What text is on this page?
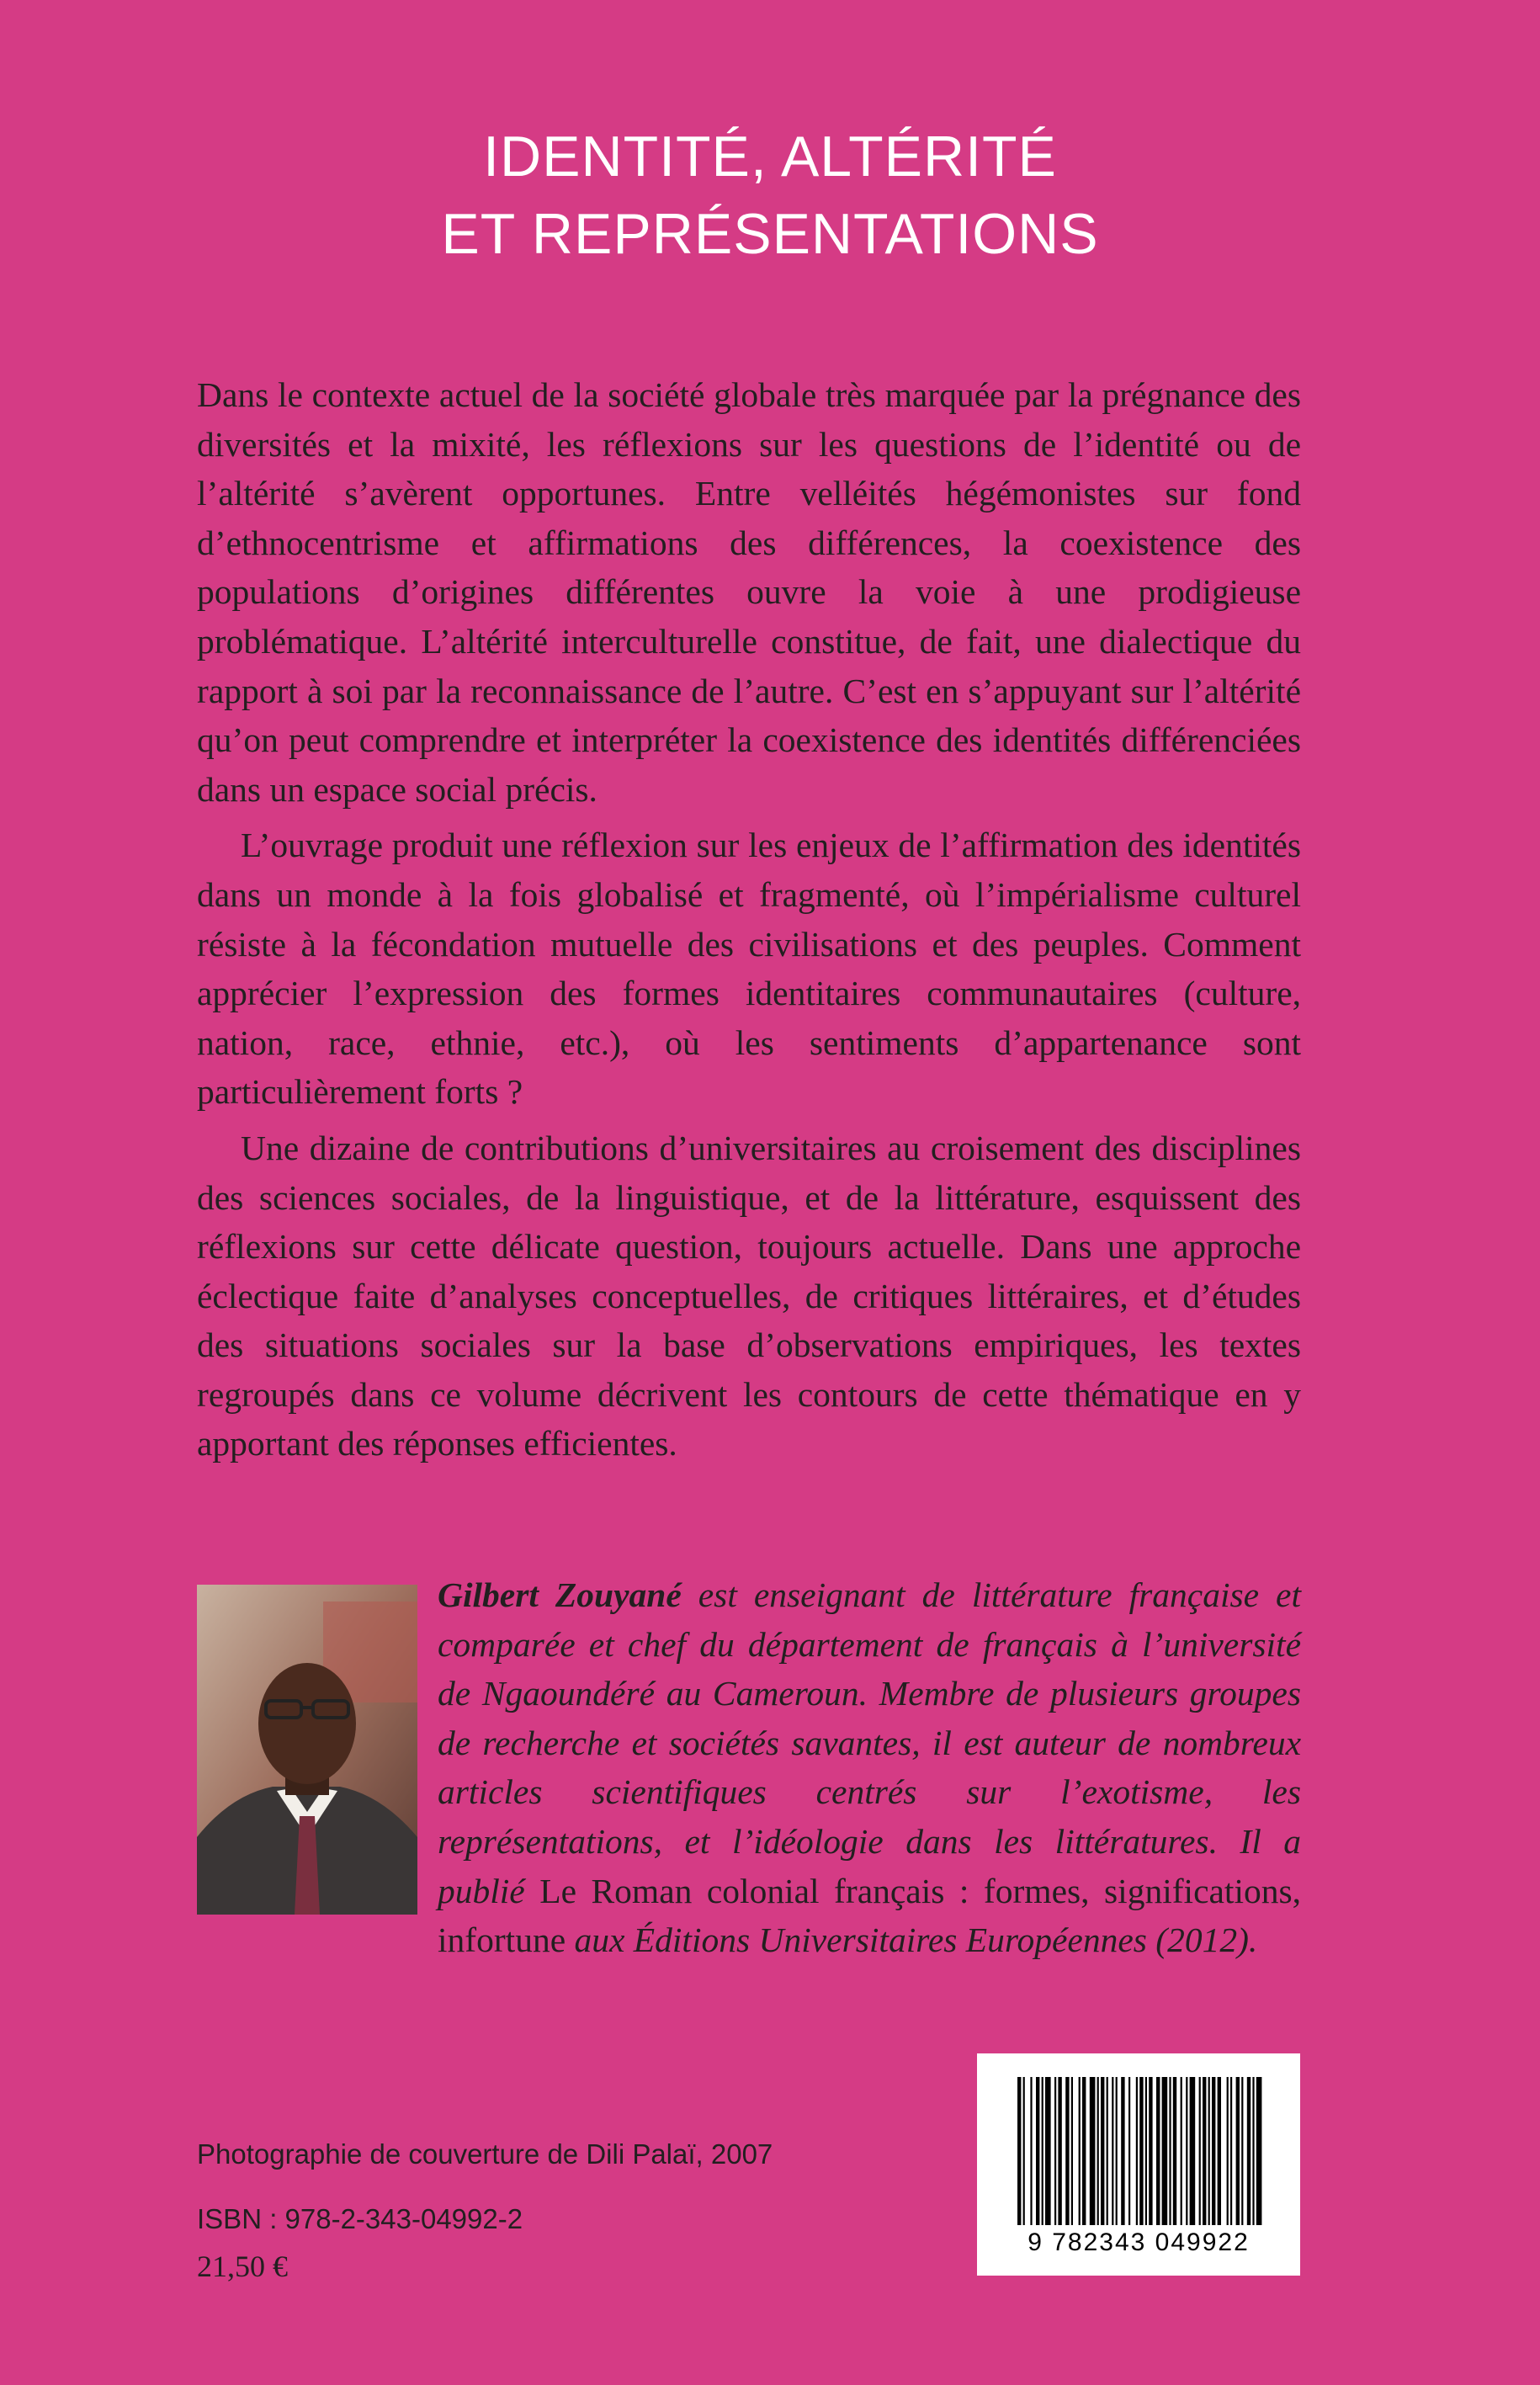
IDENTITÉ, ALTÉRITÉ
ET REPRÉSENTATIONS

Dans le contexte actuel de la société globale très marquée par la prégnance des diversités et la mixité, les réflexions sur les questions de l’identité ou de l’altérité s’avèrent opportunes. Entre velléités hégémonistes sur fond d’ethnocentrisme et affirmations des différences, la coexistence des populations d’origines différentes ouvre la voie à une prodigieuse problématique. L’altérité interculturelle constitue, de fait, une dialectique du rapport à soi par la reconnaissance de l’autre. C’est en s’appuyant sur l’altérité qu’on peut comprendre et interpréter la coexistence des identités différenciées dans un espace social précis.

L’ouvrage produit une réflexion sur les enjeux de l’affirmation des identités dans un monde à la fois globalisé et fragmenté, où l’impérialisme culturel résiste à la fécondation mutuelle des civilisations et des peuples. Comment apprécier l’expression des formes identitaires communautaires (culture, nation, race, ethnie, etc.), où les sentiments d’appartenance sont particulièrement forts ?

Une dizaine de contributions d’universitaires au croisement des disciplines des sciences sociales, de la linguistique, et de la littérature, esquissent des réflexions sur cette délicate question, toujours actuelle. Dans une approche éclectique faite d’analyses conceptuelles, de critiques littéraires, et d’études des situations sociales sur la base d’observations empiriques, les textes regroupés dans ce volume décrivent les contours de cette thématique en y apportant des réponses efficientes.

Gilbert Zouyané est enseignant de littérature française et comparée et chef du département de français à l’université de Ngaoundéré au Cameroun. Membre de plusieurs groupes de recherche et sociétés savantes, il est auteur de nombreux articles scientifiques centrés sur l’exotisme, les représentations, et l’idéologie dans les littératures. Il a publié Le Roman colonial français : formes, significations, infortune aux Éditions Universitaires Européennes (2012).
Photographie de couverture de Dili Palaï, 2007
ISBN : 978-2-343-04992-2
21,50 €
9 782343 049922
